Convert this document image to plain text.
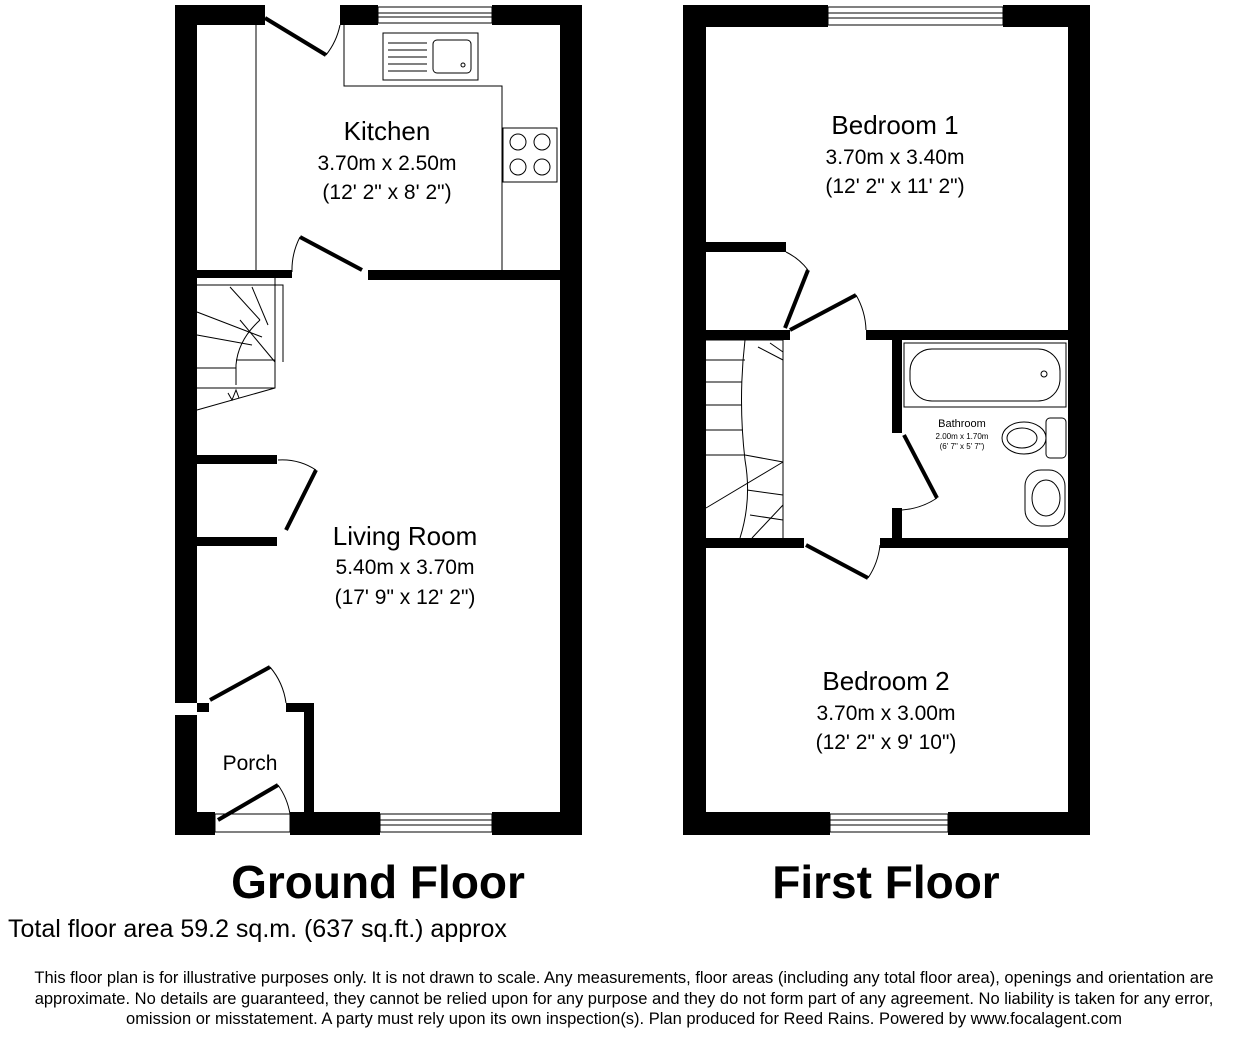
Kitchen
3.70m x 2.50m
(12' 2" x 8' 2")
Living Room
5.40m x 3.70m
(17' 9" x 12' 2")
Porch
Bedroom 1
3.70m x 3.40m
(12' 2" x 11' 2")
Bathroom
2.00m x 1.70m
(6' 7" x 5' 7")
Bedroom 2
3.70m x 3.00m
(12' 2" x 9' 10")
Ground Floor	First Floor
Total floor area 59.2 sq.m. (637 sq.ft.) approx
This floor plan is for illustrative purposes only. It is not drawn to scale. Any measurements, floor areas (including any total floor area), openings and orientation are approximate. No details are guaranteed, they cannot be relied upon for any purpose and they do not form part of any agreement. No liability is taken for any error, omission or misstatement. A party must rely upon its own inspection(s). Plan produced for Reed Rains. Powered by www.focalagent.com
